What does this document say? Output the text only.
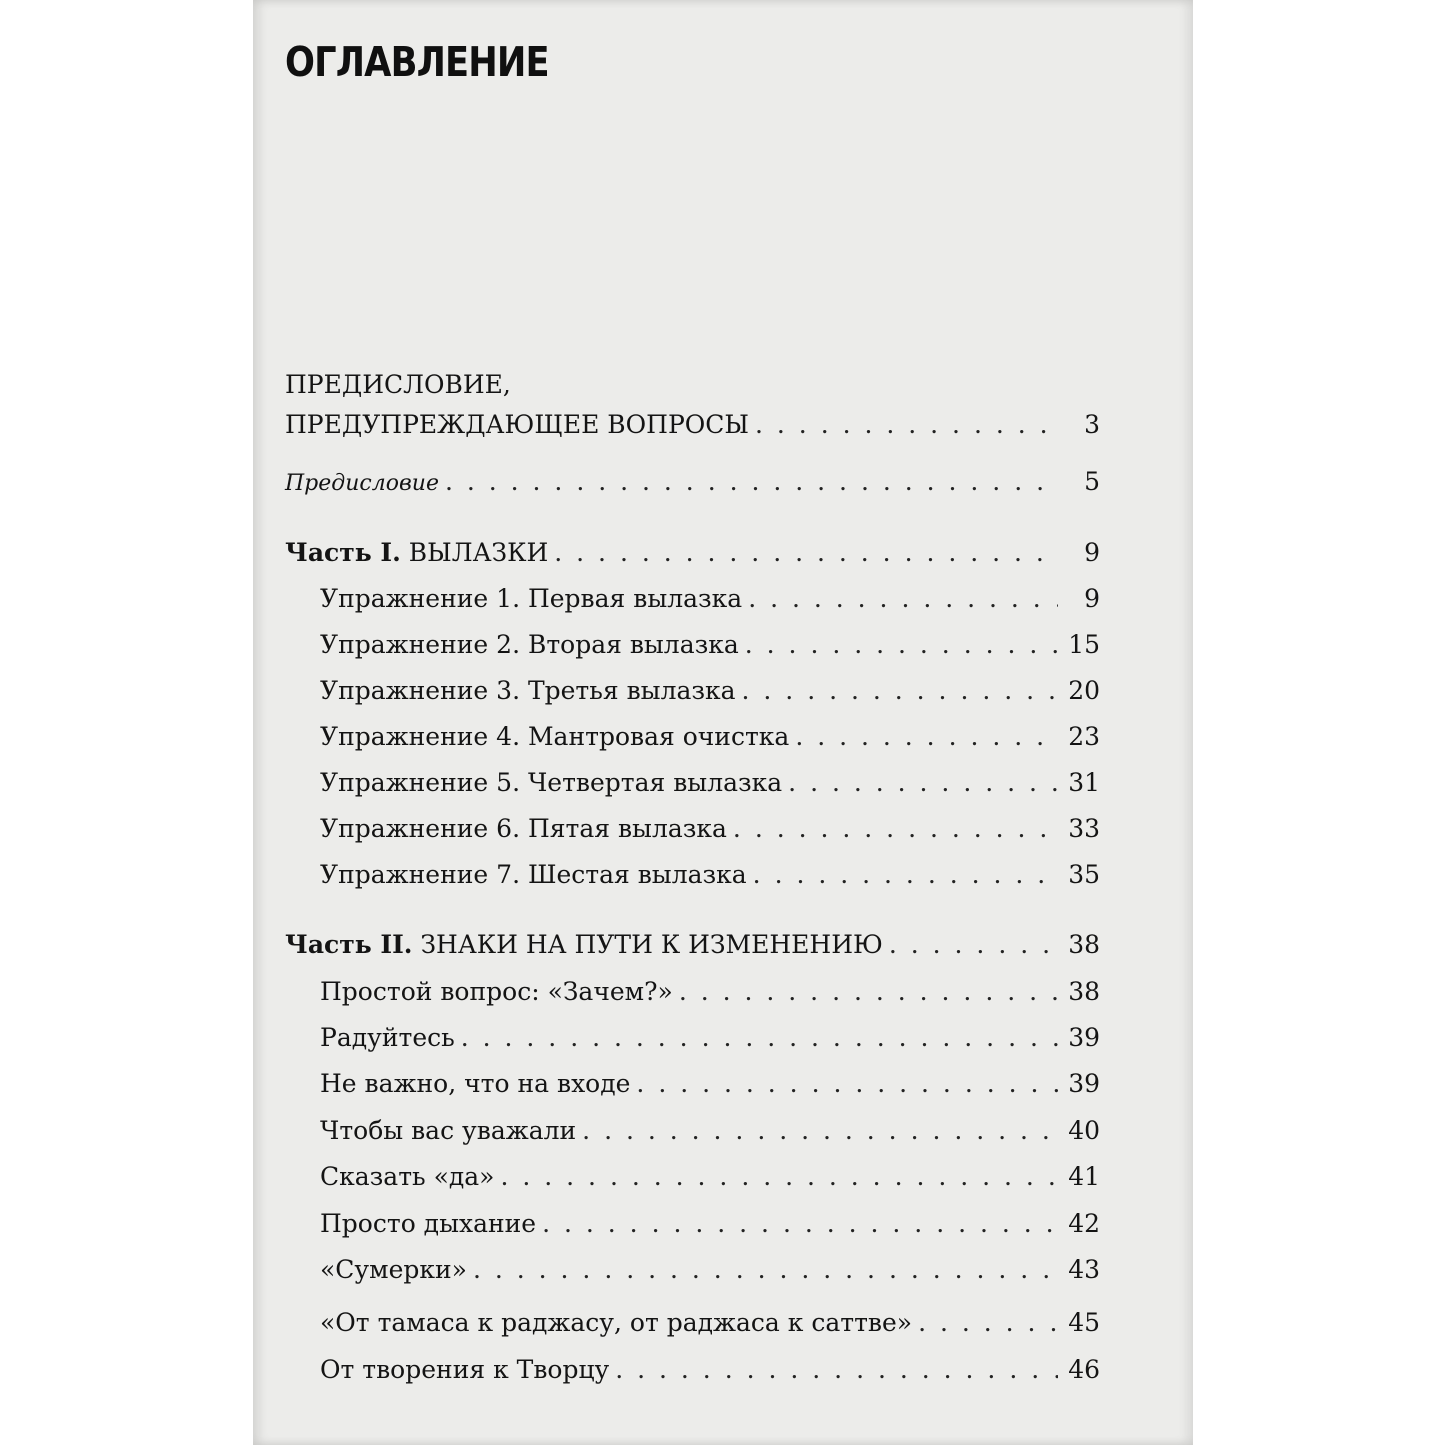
ОГЛАВЛЕНИЕ
ПРЕДИСЛОВИЕ,
ПРЕДУПРЕЖДАЮЩЕЕ ВОПРОСЫ . . .	3
Предисловие . . .	5
Часть I. ВЫЛАЗКИ . . .	9
Упражнение 1. Первая вылазка . . .	9
Упражнение 2. Вторая вылазка . . .	15
Упражнение 3. Третья вылазка . . .	20
Упражнение 4. Мантровая очистка . . .	23
Упражнение 5. Четвертая вылазка . . .	31
Упражнение 6. Пятая вылазка . . .	33
Упражнение 7. Шестая вылазка . . .	35
Часть II. ЗНАКИ НА ПУТИ К ИЗМЕНЕНИЮ . . .	38
Простой вопрос: «Зачем?» . . .	38
Радуйтесь . . .	39
Не важно, что на входе . . .	39
Чтобы вас уважали . . .	40
Сказать «да» . . .	41
Просто дыхание . . .	42
«Сумерки» . . .	43
«От тамаса к раджасу, от раджаса к саттве» . . .	45
От творения к Творцу . . .	46
